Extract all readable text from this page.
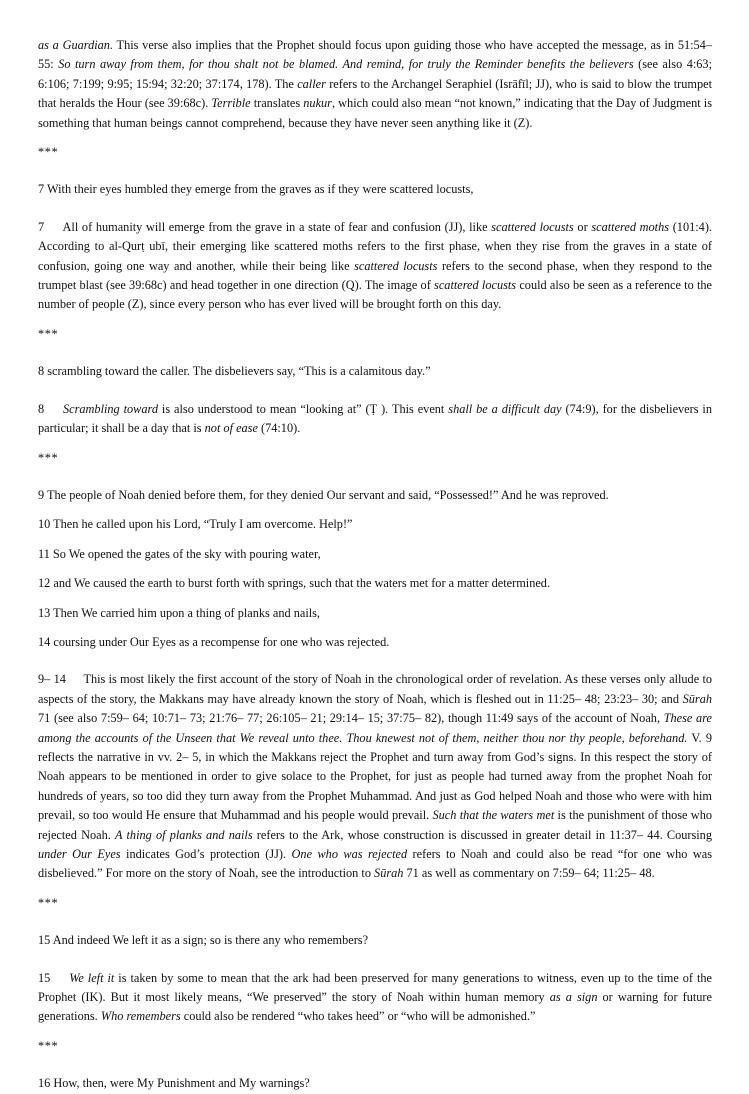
as a Guardian. This verse also implies that the Prophet should focus upon guiding those who have accepted the message, as in 51:54– 55: So turn away from them, for thou shalt not be blamed. And remind, for truly the Reminder benefits the believers (see also 4:63; 6:106; 7:199; 9:95; 15:94; 32:20; 37:174, 178). The caller refers to the Archangel Seraphiel (Isrāfīl; JJ), who is said to blow the trumpet that heralds the Hour (see 39:68c). Terrible translates nukur, which could also mean “not known,” indicating that the Day of Judgment is something that human beings cannot comprehend, because they have never seen anything like it (Z).

***

7 With their eyes humbled they emerge from the graves as if they were scattered locusts,

7 All of humanity will emerge from the grave in a state of fear and confusion (JJ), like scattered locusts or scattered moths (101:4). According to al-Qurṭ ubī, their emerging like scattered moths refers to the first phase, when they rise from the graves in a state of confusion, going one way and another, while their being like scattered locusts refers to the second phase, when they respond to the trumpet blast (see 39:68c) and head together in one direction (Q). The image of scattered locusts could also be seen as a reference to the number of people (Z), since every person who has ever lived will be brought forth on this day.

***

8 scrambling toward the caller. The disbelievers say, “This is a calamitous day.”

8 Scrambling toward is also understood to mean “looking at” (Ṭ ). This event shall be a difficult day (74:9), for the disbelievers in particular; it shall be a day that is not of ease (74:10).

***

9 The people of Noah denied before them, for they denied Our servant and said, “Possessed!” And he was reproved.

10 Then he called upon his Lord, “Truly I am overcome. Help!”

11 So We opened the gates of the sky with pouring water,

12 and We caused the earth to burst forth with springs, such that the waters met for a matter determined.

13 Then We carried him upon a thing of planks and nails,

14 coursing under Our Eyes as a recompense for one who was rejected.

9– 14 This is most likely the first account of the story of Noah in the chronological order of revelation. As these verses only allude to aspects of the story, the Makkans may have already known the story of Noah, which is fleshed out in 11:25– 48; 23:23– 30; and Sūrah 71 (see also 7:59– 64; 10:71– 73; 21:76– 77; 26:105– 21; 29:14– 15; 37:75– 82), though 11:49 says of the account of Noah, These are among the accounts of the Unseen that We reveal unto thee. Thou knewest not of them, neither thou nor thy people, beforehand. V. 9 reflects the narrative in vv. 2– 5, in which the Makkans reject the Prophet and turn away from God’s signs. In this respect the story of Noah appears to be mentioned in order to give solace to the Prophet, for just as people had turned away from the prophet Noah for hundreds of years, so too did they turn away from the Prophet Muhammad. And just as God helped Noah and those who were with him prevail, so too would He ensure that Muhammad and his people would prevail. Such that the waters met is the punishment of those who rejected Noah. A thing of planks and nails refers to the Ark, whose construction is discussed in greater detail in 11:37– 44. Coursing under Our Eyes indicates God’s protection (JJ). One who was rejected refers to Noah and could also be read “for one who was disbelieved.” For more on the story of Noah, see the introduction to Sūrah 71 as well as commentary on 7:59– 64; 11:25– 48.

***

15 And indeed We left it as a sign; so is there any who remembers?

15 We left it is taken by some to mean that the ark had been preserved for many generations to witness, even up to the time of the Prophet (IK). But it most likely means, “We preserved” the story of Noah within human memory as a sign or warning for future generations. Who remembers could also be rendered “who takes heed” or “who will be admonished.”

***

16 How, then, were My Punishment and My warnings?
